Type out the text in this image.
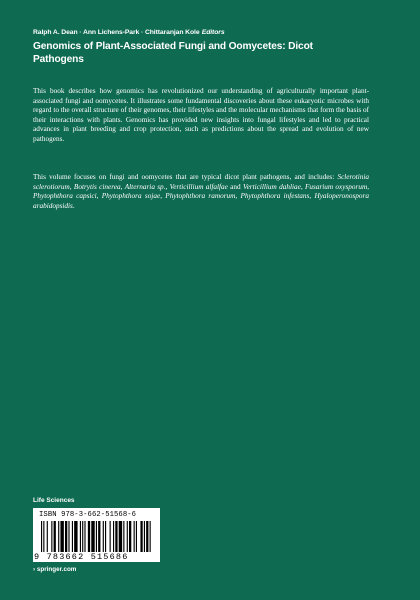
Ralph A. Dean · Ann Lichens-Park · Chittaranjan Kole   Editors
Genomics of Plant-Associated Fungi and Oomycetes: Dicot Pathogens
This book describes how genomics has revolutionized our understanding of agriculturally important plant-associated fungi and oomycetes. It illustrates some fundamental discoveries about these eukaryotic microbes with regard to the overall structure of their genomes, their lifestyles and the molecular mechanisms that form the basis of their interactions with plants. Genomics has provided new insights into fungal lifestyles and led to practical advances in plant breeding and crop protection, such as predictions about the spread and evolution of new pathogens.
This volume focuses on fungi and oomycetes that are typical dicot plant pathogens, and includes: Sclerotinia sclerotiorum, Botrytis cinerea, Alternaria sp., Verticillium alfalfae and Verticillium dahliae, Fusarium oxysporum, Phytophthora capsici, Phytophthora sojae, Phytophthora ramorum, Phytophthora infestans, Hyaloperonospora arabidopsidis.
Life Sciences
ISBN 978-3-662-51568-6
9 783662 515686
› springer.com
